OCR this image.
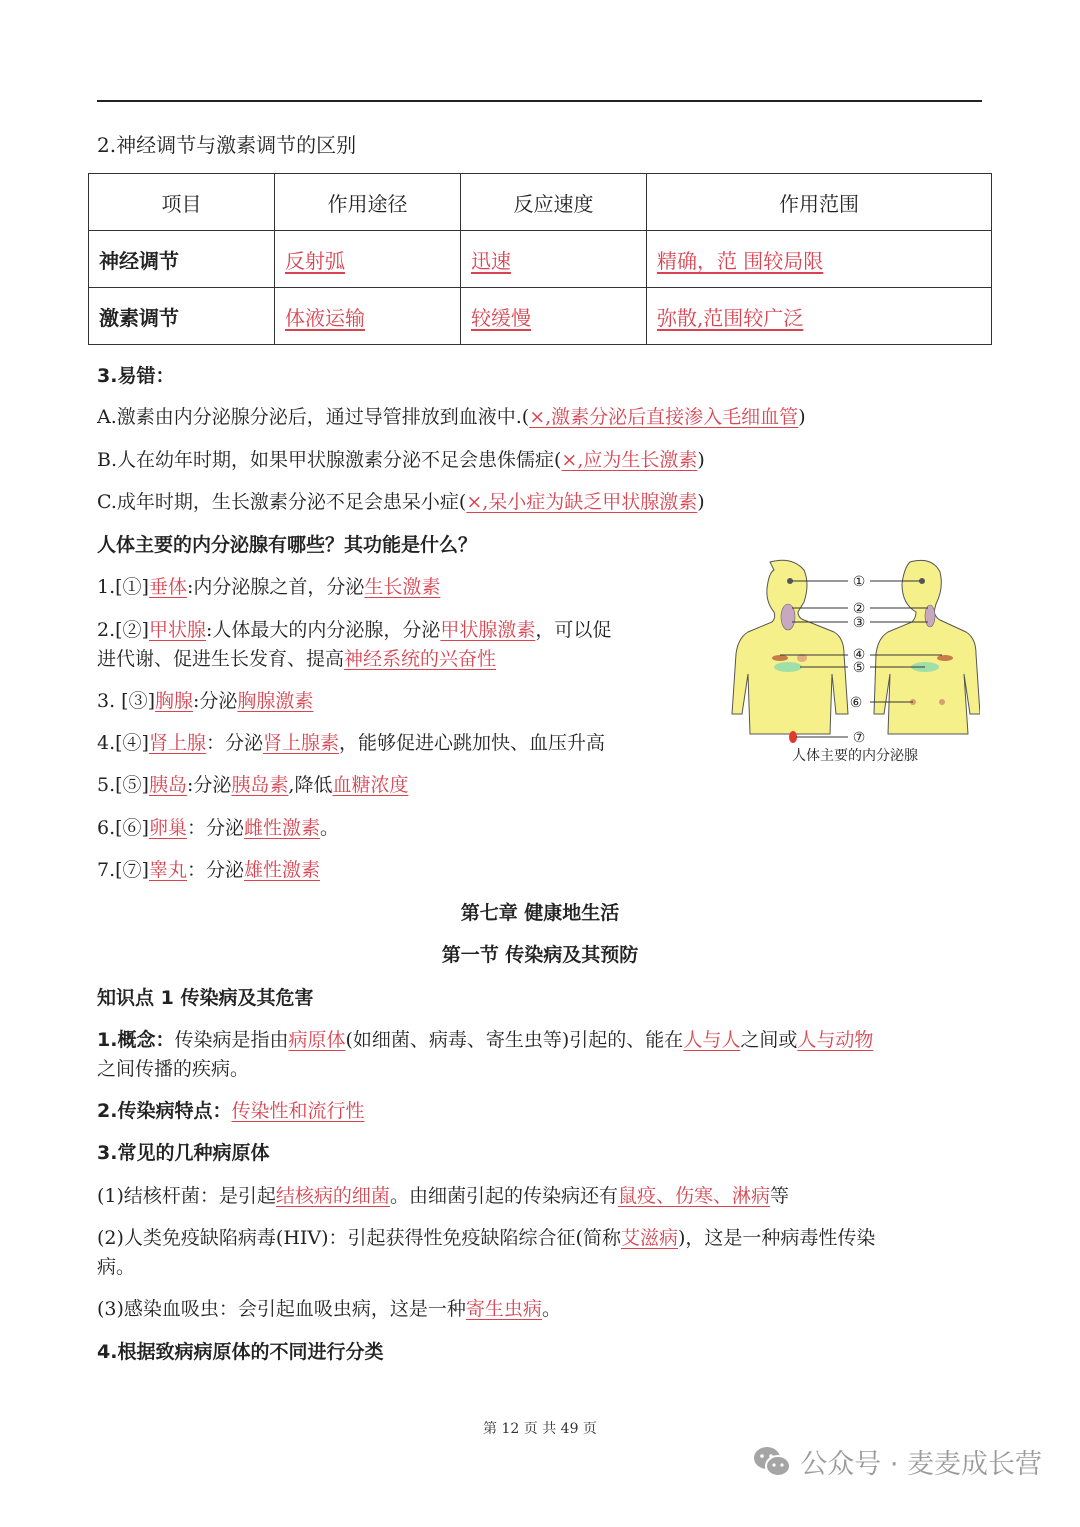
2.神经调节与激素调节的区别
项目	作用途径	反应速度	作用范围
神经调节	反射弧	迅速	精确，范 围较局限
激素调节	体液运输	较缓慢	弥散,范围较广泛
3.易错：
A.激素由内分泌腺分泌后，通过导管排放到血液中.(×,激素分泌后直接渗入毛细血管)
B.人在幼年时期，如果甲状腺激素分泌不足会患侏儒症(×,应为生长激素)
C.成年时期，生长激素分泌不足会患呆小症(×,呆小症为缺乏甲状腺激素)
人体主要的内分泌腺有哪些？其功能是什么？
1.[①]垂体:内分泌腺之首，分泌生长激素
2.[②]甲状腺:人体最大的内分泌腺，分泌甲状腺激素，可以促
进代谢、促进生长发育、提高神经系统的兴奋性
3. [③]胸腺:分泌胸腺激素
4.[④]肾上腺：分泌肾上腺素，能够促进心跳加快、血压升高
5.[⑤]胰岛:分泌胰岛素,降低血糖浓度
6.[⑥]卵巢：分泌雌性激素。
7.[⑦]睾丸：分泌雄性激素
①
②
③
④
⑤
⑥
⑦
人体主要的内分泌腺
第七章 健康地生活
第一节 传染病及其预防
知识点 1 传染病及其危害
1.概念：传染病是指由病原体(如细菌、病毒、寄生虫等)引起的、能在人与人之间或人与动物
之间传播的疾病。
2.传染病特点：传染性和流行性
3.常见的几种病原体
(1)结核杆菌：是引起结核病的细菌。由细菌引起的传染病还有鼠疫、伤寒、淋病等
(2)人类免疫缺陷病毒(HIV)：引起获得性免疫缺陷综合征(简称艾滋病)，这是一种病毒性传染
病。
(3)感染血吸虫：会引起血吸虫病，这是一种寄生虫病。
4.根据致病病原体的不同进行分类
第 12 页 共 49 页
公众号 · 麦麦成长营
